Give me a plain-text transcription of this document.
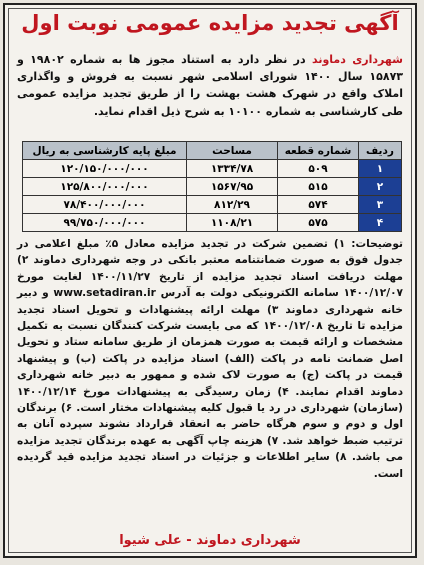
آگهی تجدید مزایده عمومی نوبت اول
شهرداری دماوند در نظر دارد به استناد مجوز ها به شماره ۱۹۸۰۲ و ۱۵۸۷۳ سال ۱۴۰۰ شورای اسلامی شهر نسبت به فروش و واگذاری املاک واقع در شهرک هشت بهشت را از طریق تجدید مزایده عمومی طی کارشناسی به شماره ۱۰۱۰۰ به شرح ذیل اقدام نماید.
ردیف	شماره قطعه	مساحت	مبلغ پایه کارشناسی به ریال
۱	۵۰۹	۱۳۳۴/۷۸	۱۲۰/۱۵۰/۰۰۰/۰۰۰
۲	۵۱۵	۱۵۶۷/۹۵	۱۲۵/۸۰۰/۰۰۰/۰۰۰
۳	۵۷۴	۸۱۲/۲۹	۷۸/۴۰۰/۰۰۰/۰۰۰
۴	۵۷۵	۱۱۰۸/۲۱	۹۹/۷۵۰/۰۰۰/۰۰۰
توضیحات: ۱) تضمین شرکت در تجدید مزایده معادل ۵٪ مبلغ اعلامی در جدول فوق به صورت ضمانتنامه معتبر بانکی در وجه شهرداری دماوند ۲) مهلت دریافت اسناد تجدید مزایده از تاریخ ۱۴۰۰/۱۱/۲۷ لغایت مورخ ۱۴۰۰/۱۲/۰۷ سامانه الکترونیکی دولت به آدرس www.setadiran.ir و دبیر خانه شهرداری دماوند ۳) مهلت ارائه پیشنهادات و تحویل اسناد تجدید مزایده تا تاریخ ۱۴۰۰/۱۲/۰۸ که می بایست شرکت کنندگان نسبت به تکمیل مشخصات و ارائه قیمت به صورت همزمان از طریق سامانه ستاد و تحویل اصل ضمانت نامه در پاکت (الف) اسناد مزایده در پاکت (ب) و پیشنهاد قیمت در پاکت (ج) به صورت لاک شده و ممهور به دبیر خانه شهرداری دماوند اقدام نمایند. ۴) زمان رسیدگی به پیشنهادات مورخ ۱۴۰۰/۱۲/۱۴ (سازمان) شهرداری در رد یا قبول کلیه پیشنهادات مختار است. ۶) برندگان اول و دوم و سوم هرگاه حاضر به انعقاد قرارداد نشوند سپرده آنان به ترتیب ضبط خواهد شد. ۷) هزینه چاپ آگهی به عهده برندگان تجدید مزایده می باشد. ۸) سایر اطلاعات و جزئیات در اسناد تجدید مزایده قید گردیده است.
شهرداری دماوند - علی شیوا
